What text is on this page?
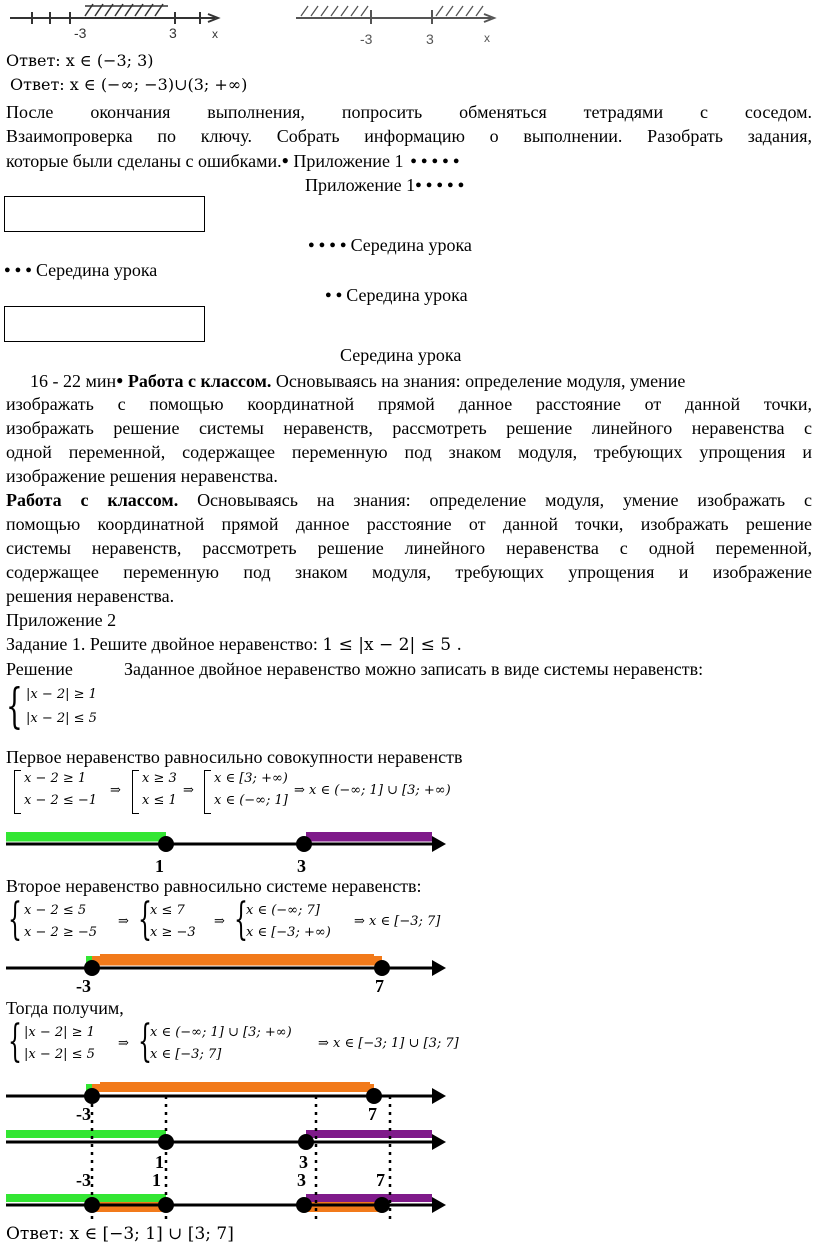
-3	3	x	-3	3	x
Ответ: x ∈ (−3; 3)
Ответ: x ∈ (−∞; −3)∪(3; +∞)
После окончания выполнения, попросить обменяться тетрадями с соседом.
Взаимопроверка по ключу. Собрать информацию о выполнении. Разобрать задания,
которые были сделаны с ошибками.● Приложение 1 ●●●●●
Приложение 1●●●●●
●●●●Середина урока
●●●Середина урока
●●Середина урока
Середина урока
16 - 22 мин● Работа с классом. Основываясь на знания: определение модуля, умение
изображать с помощью координатной прямой данное расстояние от данной точки,
изображать решение системы неравенств, рассмотреть решение линейного неравенства с
одной переменной, содержащее переменную под знаком модуля, требующих упрощения и
изображение решения неравенства.
Работа с классом. Основываясь на знания: определение модуля, умение изображать с
помощью координатной прямой данное расстояние от данной точки, изображать решение
системы неравенств, рассмотреть решение линейного неравенства с одной переменной,
содержащее переменную под знаком модуля, требующих упрощения и изображение
решения неравенства.
Приложение 2
Задание 1. Решите двойное неравенство: 1 ≤ |x − 2| ≤ 5 .
Решение	Заданное двойное неравенство можно записать в виде системы неравенств:
{ |x − 2| ≥ 1
|x − 2| ≤ 5
Первое неравенство равносильно совокупности неравенств
x − 2 ≥ 1
x − 2 ≤ −1
⇒
x ≥ 3
x ≤ 1
⇒
x ∈ [3; +∞)
x ∈ (−∞; 1]
⇒ x ∈ (−∞; 1] ∪ [3; +∞)
1	3
Второе неравенство равносильно системе неравенств:
{ x − 2 ≤ 5
x − 2 ≥ −5
⇒ {
x ≤ 7
x ≥ −3
⇒ {
x ∈ (−∞; 7]
x ∈ [−3; +∞)
⇒ x ∈ [−3; 7]
-3	7
Тогда получим,
{ |x − 2| ≥ 1
|x − 2| ≤ 5
⇒ {
x ∈ (−∞; 1] ∪ [3; +∞)
x ∈ [−3; 7]
⇒ x ∈ [−3; 1] ∪ [3; 7]
-3	7
1	3
-3	1	3	7
Ответ: x ∈ [−3; 1] ∪ [3; 7]
